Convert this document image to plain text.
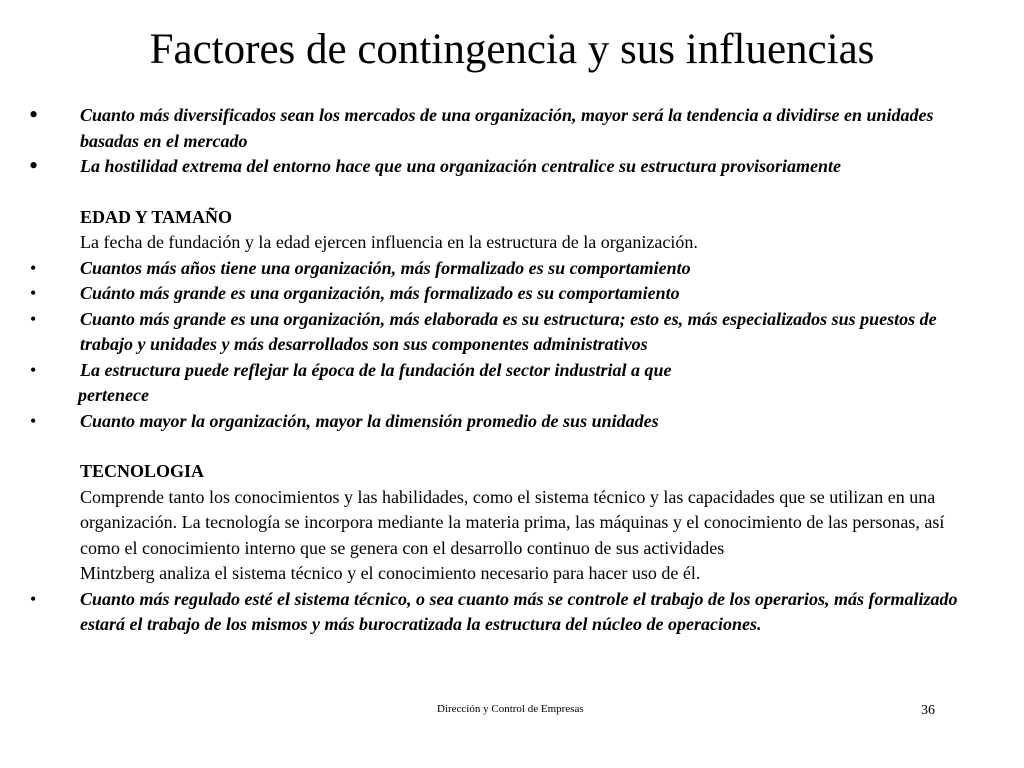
Factores de contingencia y sus influencias
• Cuanto más diversificados sean los mercados de una organización, mayor será la tendencia a dividirse en unidades basadas en el mercado
• La hostilidad extrema del entorno hace que una organización centralice su estructura provisoriamente
EDAD Y TAMAÑO
La fecha de fundación y la edad ejercen influencia en la estructura de la organización.
• Cuantos más años tiene una organización, más formalizado es su comportamiento
• Cuánto más grande es una organización, más formalizado es su comportamiento
• Cuanto más grande es una organización, más elaborada es su estructura; esto es, más especializados sus puestos de trabajo y unidades y más desarrollados son sus componentes administrativos
• La estructura puede reflejar la época de la fundación del sector industrial a que
pertenece
• Cuanto mayor la organización, mayor la dimensión promedio de sus unidades
TECNOLOGIA
Comprende tanto los conocimientos y las habilidades, como el sistema técnico y las capacidades que se utilizan en una organización. La tecnología se incorpora mediante la materia prima, las máquinas y el conocimiento de las personas, así como el conocimiento interno que se genera con el desarrollo continuo de sus actividades
Mintzberg analiza el sistema técnico y el conocimiento necesario para hacer uso de él.
• Cuanto más regulado esté el sistema técnico, o sea cuanto más se controle el trabajo de los operarios, más formalizado estará el trabajo de los mismos y más burocratizada la estructura del núcleo de operaciones.
Dirección y Control de Empresas	36
